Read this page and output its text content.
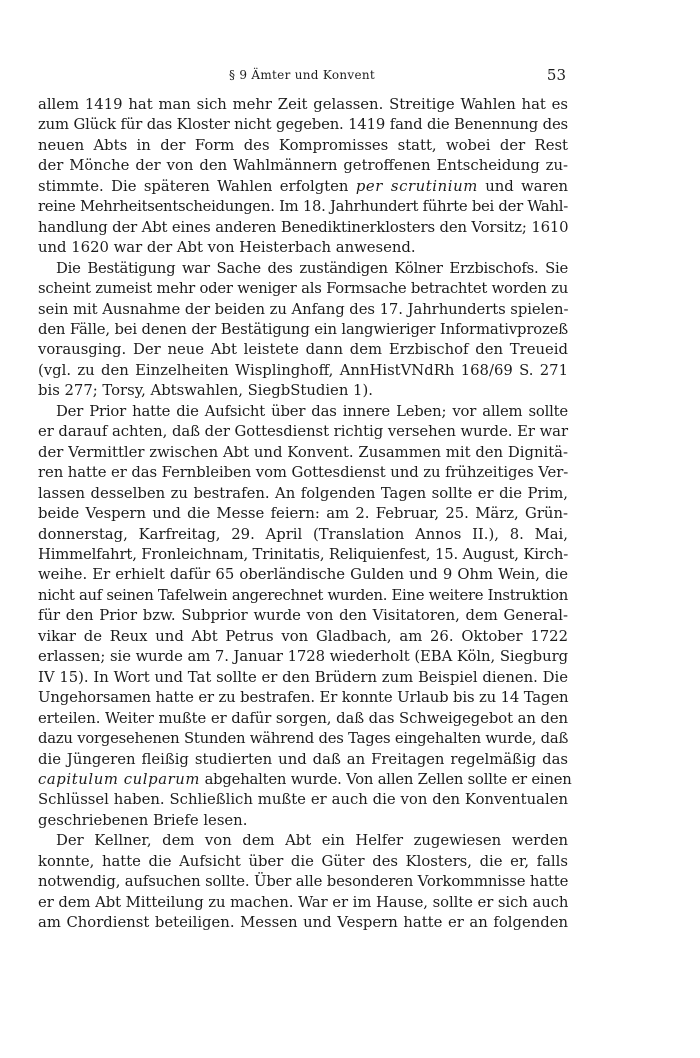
§ 9 Ämter und Konvent	53
allem 1419 hat man sich mehr Zeit gelassen. Streitige Wahlen hat es
zum Glück für das Kloster nicht gegeben. 1419 fand die Benennung des
neuen Abts in der Form des Kompromisses statt, wobei der Rest
der Mönche der von den Wahlmännern getroffenen Entscheidung zu-
stimmte. Die späteren Wahlen erfolgten per scrutinium und waren
reine Mehrheitsentscheidungen. Im 18. Jahrhundert führte bei der Wahl-
handlung der Abt eines anderen Benediktinerklosters den Vorsitz; 1610
und 1620 war der Abt von Heisterbach anwesend.
Die Bestätigung war Sache des zuständigen Kölner Erzbischofs. Sie
scheint zumeist mehr oder weniger als Formsache betrachtet worden zu
sein mit Ausnahme der beiden zu Anfang des 17. Jahrhunderts spielen-
den Fälle, bei denen der Bestätigung ein langwieriger Informativprozeß
vorausging. Der neue Abt leistete dann dem Erzbischof den Treueid
(vgl. zu den Einzelheiten Wisplinghoff, AnnHistVNdRh 168/69 S. 271
bis 277; Torsy, Abtswahlen, SiegbStudien 1).
Der Prior hatte die Aufsicht über das innere Leben; vor allem sollte
er darauf achten, daß der Gottesdienst richtig versehen wurde. Er war
der Vermittler zwischen Abt und Konvent. Zusammen mit den Dignitä-
ren hatte er das Fernbleiben vom Gottesdienst und zu frühzeitiges Ver-
lassen desselben zu bestrafen. An folgenden Tagen sollte er die Prim,
beide Vespern und die Messe feiern: am 2. Februar, 25. März, Grün-
donnerstag, Karfreitag, 29. April (Translation Annos II.), 8. Mai,
Himmelfahrt, Fronleichnam, Trinitatis, Reliquienfest, 15. August, Kirch-
weihe. Er erhielt dafür 65 oberländische Gulden und 9 Ohm Wein, die
nicht auf seinen Tafelwein angerechnet wurden. Eine weitere Instruktion
für den Prior bzw. Subprior wurde von den Visitatoren, dem General-
vikar de Reux und Abt Petrus von Gladbach, am 26. Oktober 1722
erlassen; sie wurde am 7. Januar 1728 wiederholt (EBA Köln, Siegburg
IV 15). In Wort und Tat sollte er den Brüdern zum Beispiel dienen. Die
Ungehorsamen hatte er zu bestrafen. Er konnte Urlaub bis zu 14 Tagen
erteilen. Weiter mußte er dafür sorgen, daß das Schweigegebot an den
dazu vorgesehenen Stunden während des Tages eingehalten wurde, daß
die Jüngeren fleißig studierten und daß an Freitagen regelmäßig das
capitulum culparum abgehalten wurde. Von allen Zellen sollte er einen
Schlüssel haben. Schließlich mußte er auch die von den Konventualen
geschriebenen Briefe lesen.
Der Kellner, dem von dem Abt ein Helfer zugewiesen werden
konnte, hatte die Aufsicht über die Güter des Klosters, die er, falls
notwendig, aufsuchen sollte. Über alle besonderen Vorkommnisse hatte
er dem Abt Mitteilung zu machen. War er im Hause, sollte er sich auch
am Chordienst beteiligen. Messen und Vespern hatte er an folgenden
